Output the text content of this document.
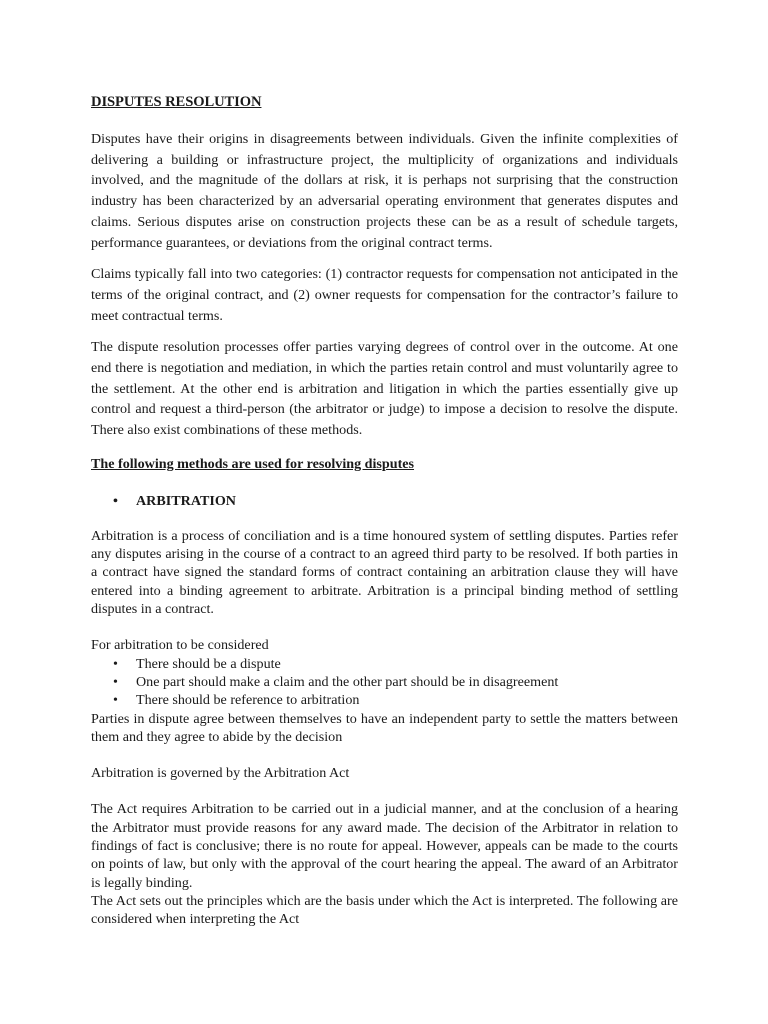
DISPUTES RESOLUTION

Disputes have their origins in disagreements between individuals. Given the infinite complexities of delivering a building or infrastructure project, the multiplicity of organizations and individuals involved, and the magnitude of the dollars at risk, it is perhaps not surprising that the construction industry has been characterized by an adversarial operating environment that generates disputes and claims. Serious disputes arise on construction projects these can be as a result of schedule targets, performance guarantees, or deviations from the original contract terms.

Claims typically fall into two categories: (1) contractor requests for compensation not anticipated in the terms of the original contract, and (2) owner requests for compensation for the contractor’s failure to meet contractual terms.

The dispute resolution processes offer parties varying degrees of control over in the outcome. At one end there is negotiation and mediation, in which the parties retain control and must voluntarily agree to the settlement. At the other end is arbitration and litigation in which the parties essentially give up control and request a third-person (the arbitrator or judge) to impose a decision to resolve the dispute. There also exist combinations of these methods.

The following methods are used for resolving disputes
•	ARBITRATION

Arbitration is a process of conciliation and is a time honoured system of settling disputes. Parties refer any disputes arising in the course of a contract to an agreed third party to be resolved. If both parties in a contract have signed the standard forms of contract containing an arbitration clause they will have entered into a binding agreement to arbitrate. Arbitration is a principal binding method of settling disputes in a contract.

For arbitration to be considered

•	There should be a dispute
•	One part should make a claim and the other part should be in disagreement
•	There should be reference to arbitration

Parties in dispute agree between themselves to have an independent party to settle the matters between them and they agree to abide by the decision

Arbitration is governed by the Arbitration Act

The Act requires Arbitration to be carried out in a judicial manner, and at the conclusion of a hearing the Arbitrator must provide reasons for any award made. The decision of the Arbitrator in relation to findings of fact is conclusive; there is no route for appeal. However, appeals can be made to the courts on points of law, but only with the approval of the court hearing the appeal. The award of an Arbitrator is legally binding.

The Act sets out the principles which are the basis under which the Act is interpreted. The following are considered when interpreting the Act
